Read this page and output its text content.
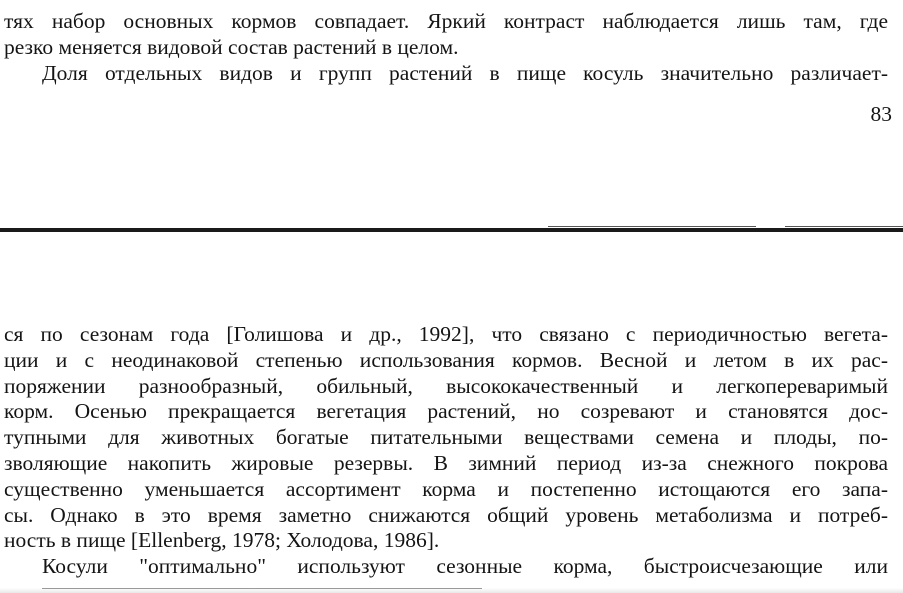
тях набор основных кормов совпадает. Яркий контраст наблюдается лишь там, где
резко меняется видовой состав растений в целом.
Доля отдельных видов и групп растений в пище косуль значительно различает-
83
ся по сезонам года [Голишова и др., 1992], что связано с периодичностью вегета-
ции и с неодинаковой степенью использования кормов. Весной и летом в их рас-
поряжении разнообразный, обильный, высококачественный и легкопереваримый
корм. Осенью прекращается вегетация растений, но созревают и становятся дос-
тупными для животных богатые питательными веществами семена и плоды, по-
зволяющие накопить жировые резервы. В зимний период из-за снежного покрова
существенно уменьшается ассортимент корма и постепенно истощаются его запа-
сы. Однако в это время заметно снижаются общий уровень метаболизма и потреб-
ность в пище [Ellenberg, 1978; Холодова, 1986].
Косули "оптимально" используют сезонные корма, быстроисчезающие или
